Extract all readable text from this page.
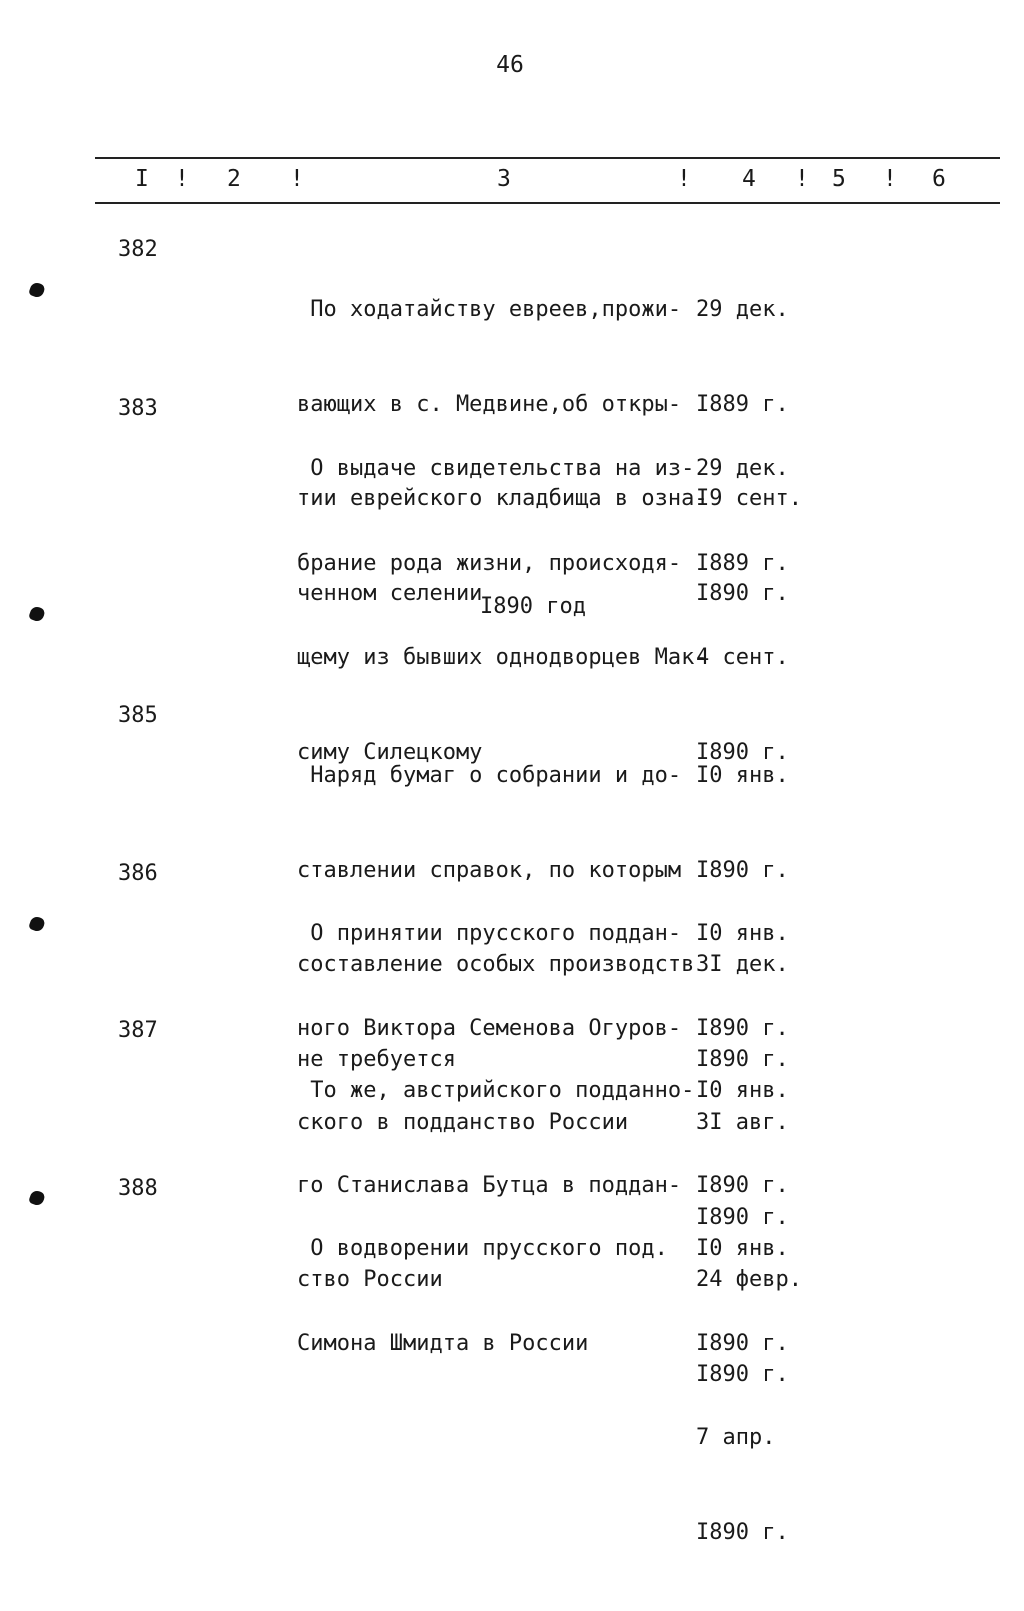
46
I ! 2 !	3	! 4 ! 5 ! 6
382

По ходатайству евреев,прожи-

вающих в с. Медвине,об откры-

тии еврейского кладбища в озна-

ченном селении

29 дек.

I889 г.

I9 сент.

I890 г.

383

О выдаче свидетельства на из-

брание рода жизни, происходя-

щему из бывших однодворцев Мак-

симу Силецкому

29 дек.

I889 г.

4 сент.

I890 г.

I890 год
385

Наряд бумаг о собрании и до-

ставлении справок, по которым

составление особых производств

не требуется

I0 янв.

I890 г.

3I дек.

I890 г.

386

О принятии прусского поддан-

ного Виктора Семенова Огуров-

ского в подданство России

I0 янв.

I890 г.

3I авг.

I890 г.

387

То же, австрийского подданно-

го Станислава Бутца в поддан-

ство России

I0 янв.

I890 г.

24 февр.

I890 г.

388

О водворении прусского под.

Симона Шмидта в России

I0 янв.

I890 г.

7 апр.

I890 г.
